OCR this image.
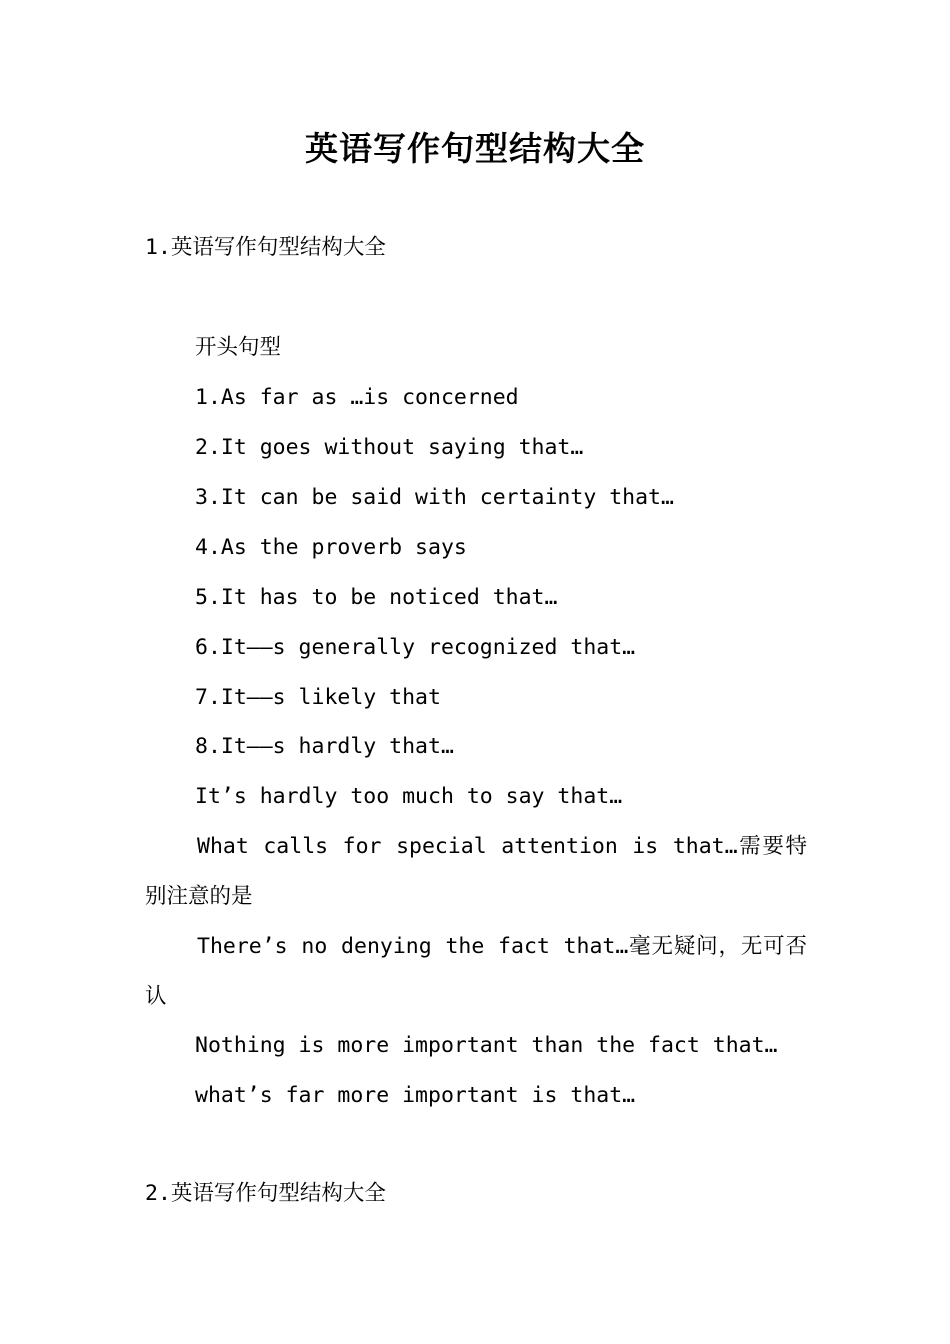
英语写作句型结构大全

1.英语写作句型结构大全

开头句型

1.As far as …is concerned

2.It goes without saying that…

3.It can be said with certainty that…

4.As the proverb says

5.It has to be noticed that…

6.It——s generally recognized that…

7.It——s likely that

8.It——s hardly that…

It’s hardly too much to say that…

What calls for special attention is that…需要特别注意的是

There’s no denying the fact that…毫无疑问，无可否认

Nothing is more important than the fact that…

what’s far more important is that…

2.英语写作句型结构大全
